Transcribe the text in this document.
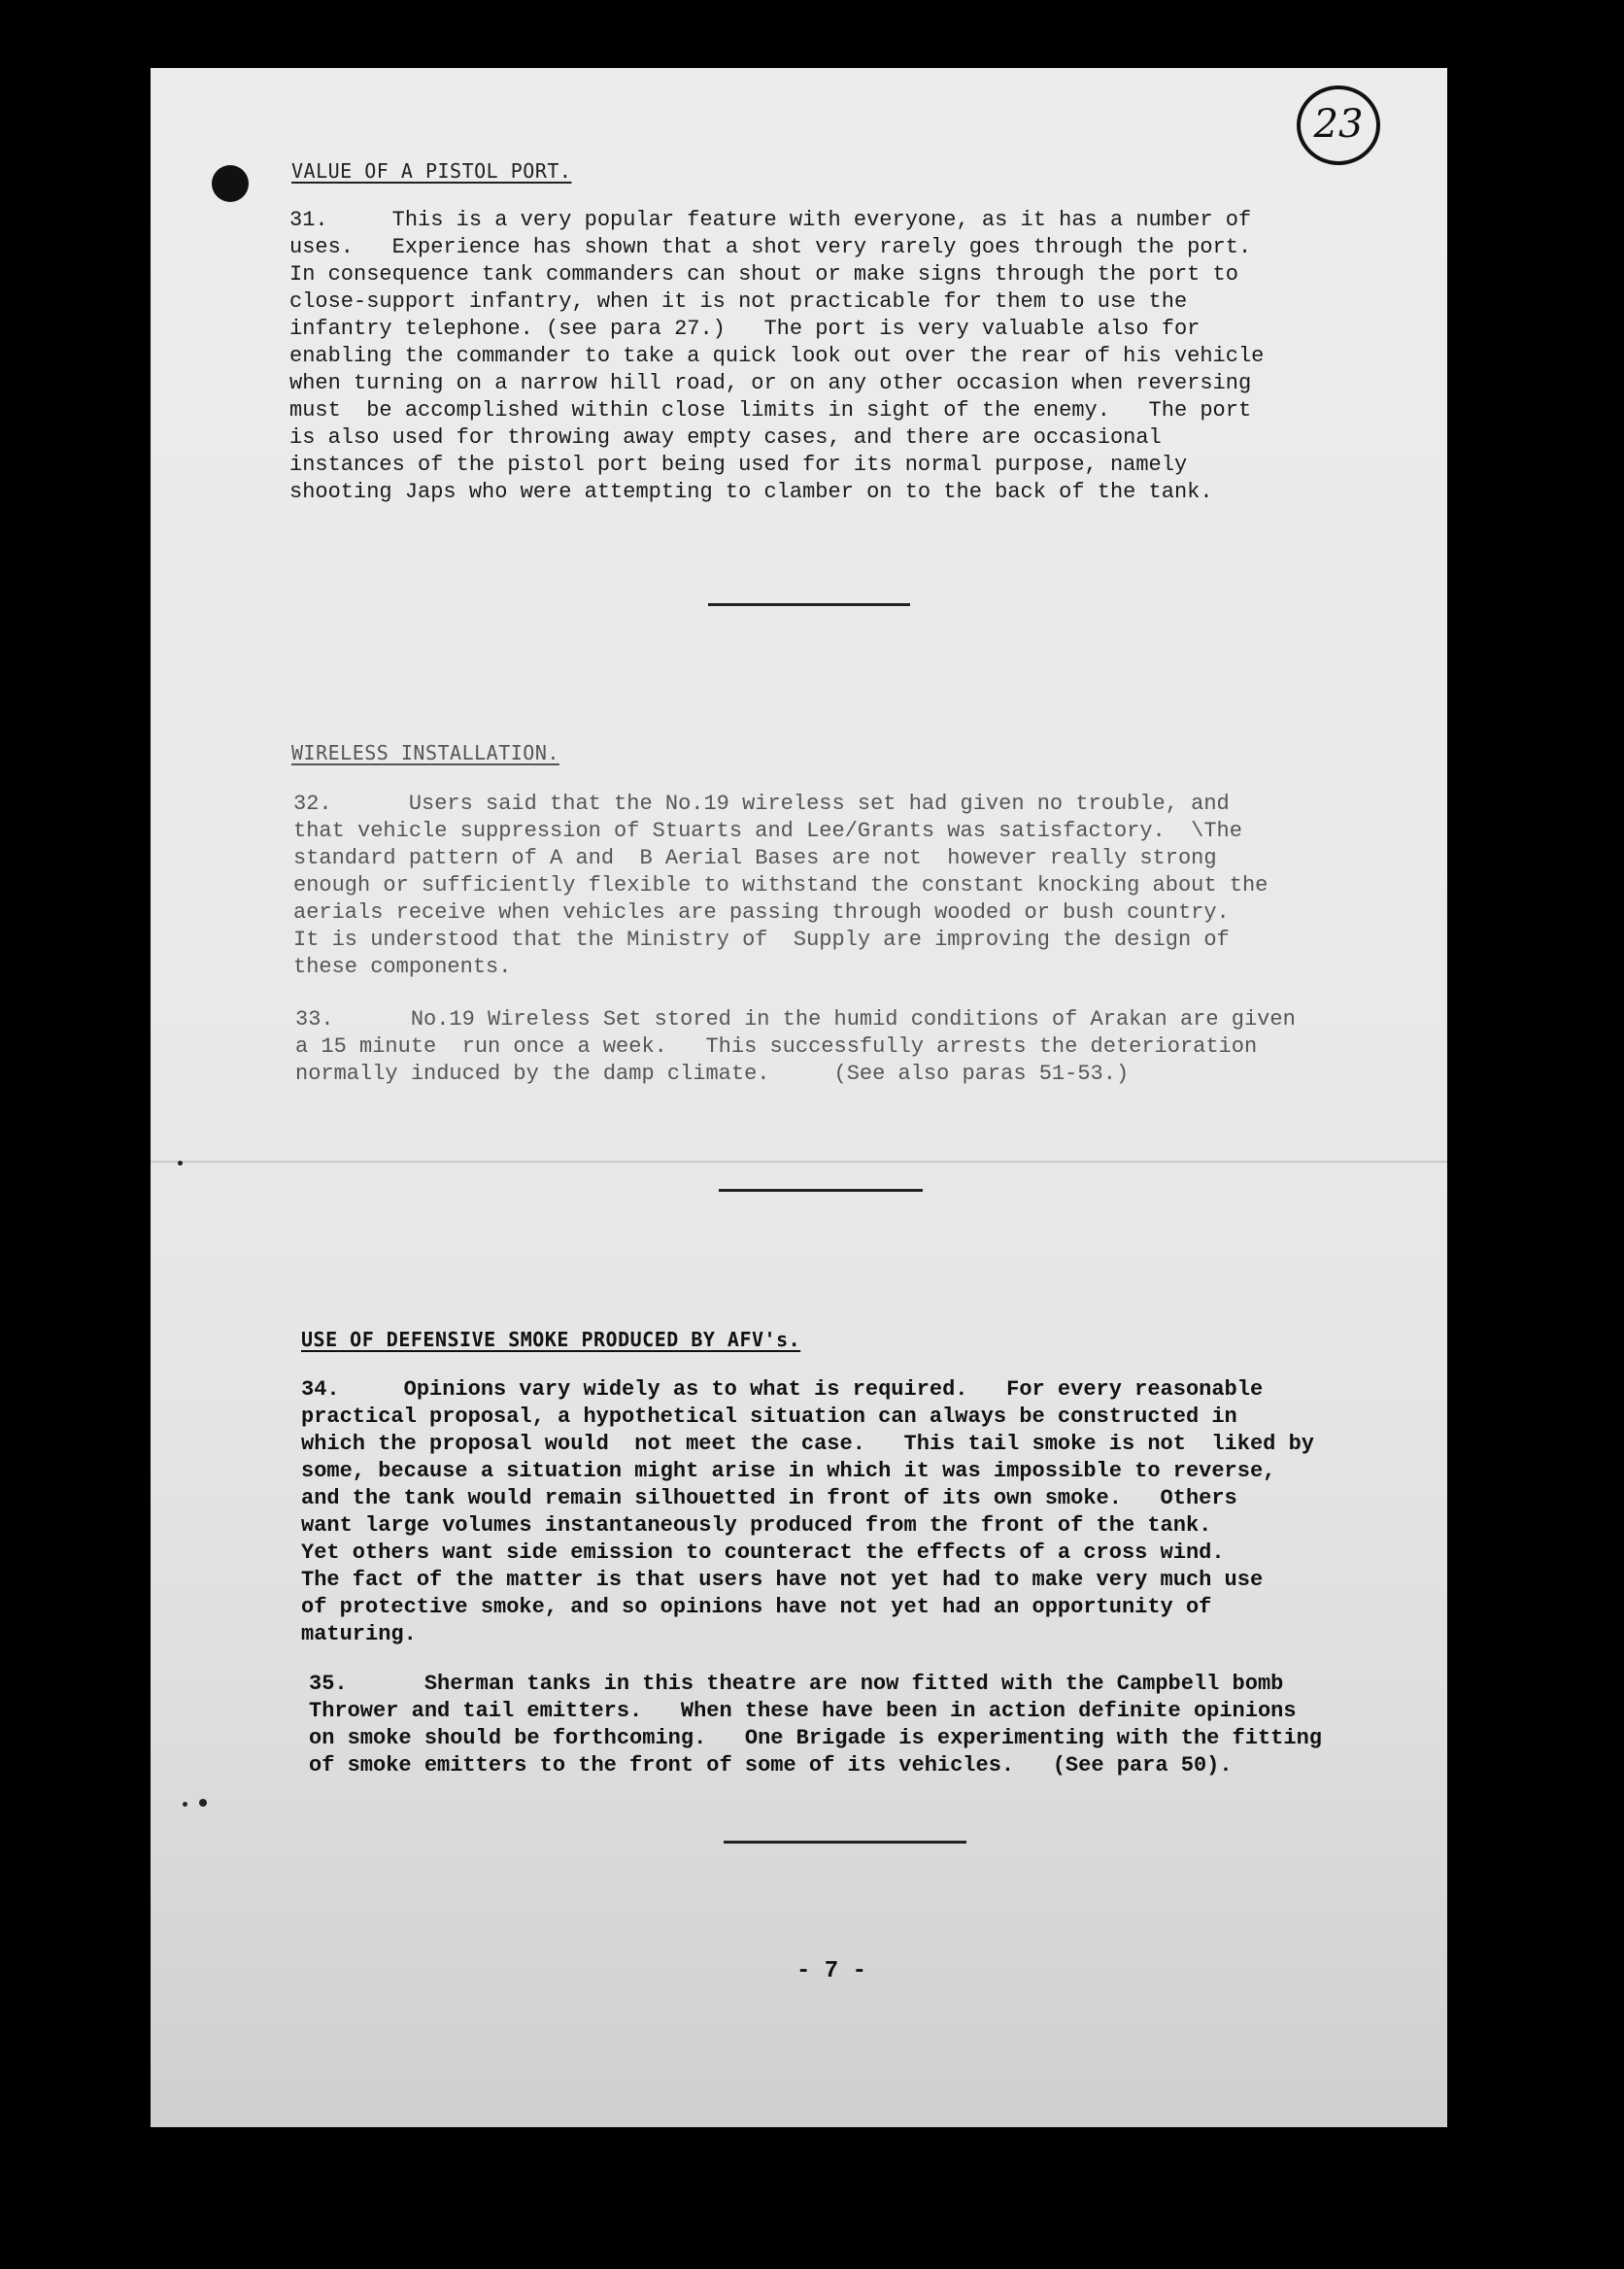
23
VALUE OF A PISTOL PORT.
31.     This is a very popular feature with everyone, as it has a number of
uses.   Experience has shown that a shot very rarely goes through the port.
In consequence tank commanders can shout or make signs through the port to
close-support infantry, when it is not practicable for them to use the
infantry telephone. (see para 27.)   The port is very valuable also for
enabling the commander to take a quick look out over the rear of his vehicle
when turning on a narrow hill road, or on any other occasion when reversing
must  be accomplished within close limits in sight of the enemy.   The port
is also used for throwing away empty cases, and there are occasional
instances of the pistol port being used for its normal purpose, namely
shooting Japs who were attempting to clamber on to the back of the tank.
WIRELESS INSTALLATION.
32.      Users said that the No.19 wireless set had given no trouble, and
that vehicle suppression of Stuarts and Lee/Grants was satisfactory.  \The
standard pattern of A and  B Aerial Bases are not  however really strong
enough or sufficiently flexible to withstand the constant knocking about the
aerials receive when vehicles are passing through wooded or bush country.
It is understood that the Ministry of  Supply are improving the design of
these components.
33.      No.19 Wireless Set stored in the humid conditions of Arakan are given
a 15 minute  run once a week.   This successfully arrests the deterioration
normally induced by the damp climate.     (See also paras 51-53.)
USE OF DEFENSIVE SMOKE PRODUCED BY AFV's.
34.     Opinions vary widely as to what is required.   For every reasonable
practical proposal, a hypothetical situation can always be constructed in
which the proposal would  not meet the case.   This tail smoke is not  liked by
some, because a situation might arise in which it was impossible to reverse,
and the tank would remain silhouetted in front of its own smoke.   Others
want large volumes instantaneously produced from the front of the tank.
Yet others want side emission to counteract the effects of a cross wind.
The fact of the matter is that users have not yet had to make very much use
of protective smoke, and so opinions have not yet had an opportunity of
maturing.
35.      Sherman tanks in this theatre are now fitted with the Campbell bomb
Thrower and tail emitters.   When these have been in action definite opinions
on smoke should be forthcoming.   One Brigade is experimenting with the fitting
of smoke emitters to the front of some of its vehicles.   (See para 50).
- 7 -
